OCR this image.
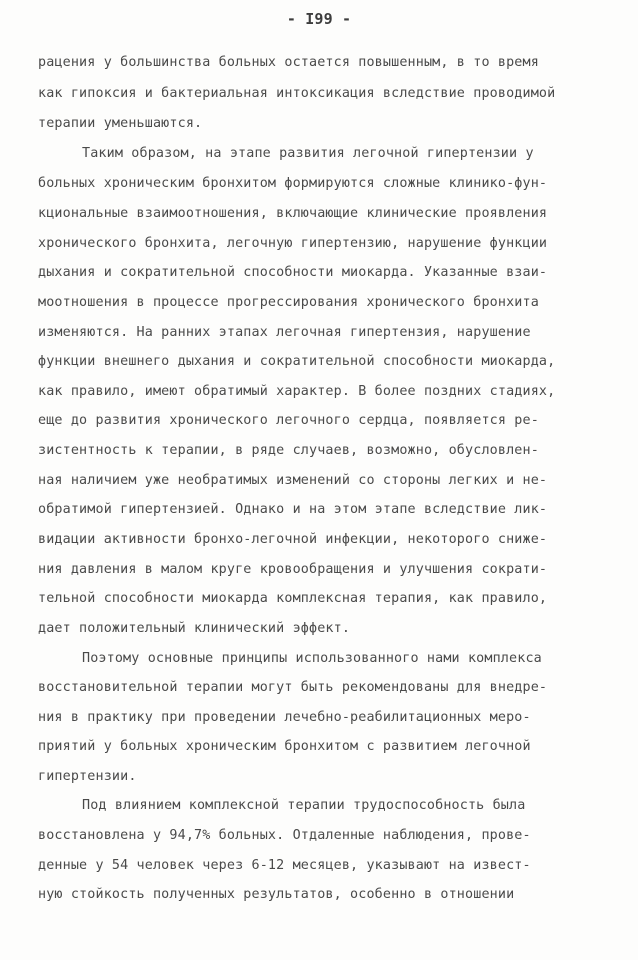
- I99 -
рацения у большинства больных остается повышенным, в то время
как гипоксия и бактериальная интоксикация вследствие проводимой
терапии уменьшаются.
Таким образом, на этапе развития легочной гипертензии у
больных хроническим бронхитом формируются сложные клинико-фун-
кциональные взаимоотношения, включающие клинические проявления
хронического бронхита, легочную гипертензию, нарушение функции
дыхания и сократительной способности миокарда. Указанные взаи-
моотношения в процессе прогрессирования хронического бронхита
изменяются. На ранних этапах легочная гипертензия, нарушение
функции внешнего дыхания и сократительной способности миокарда,
как правило, имеют обратимый характер. В более поздних стадиях,
еще до развития хронического легочного сердца, появляется ре-
зистентность к терапии, в ряде случаев, возможно, обусловлен-
ная наличием уже необратимых изменений со стороны легких и не-
обратимой гипертензией. Однако и на этом этапе вследствие лик-
видации активности бронхо-легочной инфекции, некоторого сниже-
ния давления в малом круге кровообращения и улучшения сократи-
тельной способности миокарда комплексная терапия, как правило,
дает положительный клинический эффект.
Поэтому основные принципы использованного нами комплекса
восстановительной терапии могут быть рекомендованы для внедре-
ния в практику при проведении лечебно-реабилитационных меро-
приятий у больных хроническим бронхитом с развитием легочной
гипертензии.
Под влиянием комплексной терапии трудоспособность была
восстановлена у 94,7% больных. Отдаленные наблюдения, прове-
денные у 54 человек через 6-12 месяцев, указывают на извест-
ную стойкость полученных результатов, особенно в отношении
